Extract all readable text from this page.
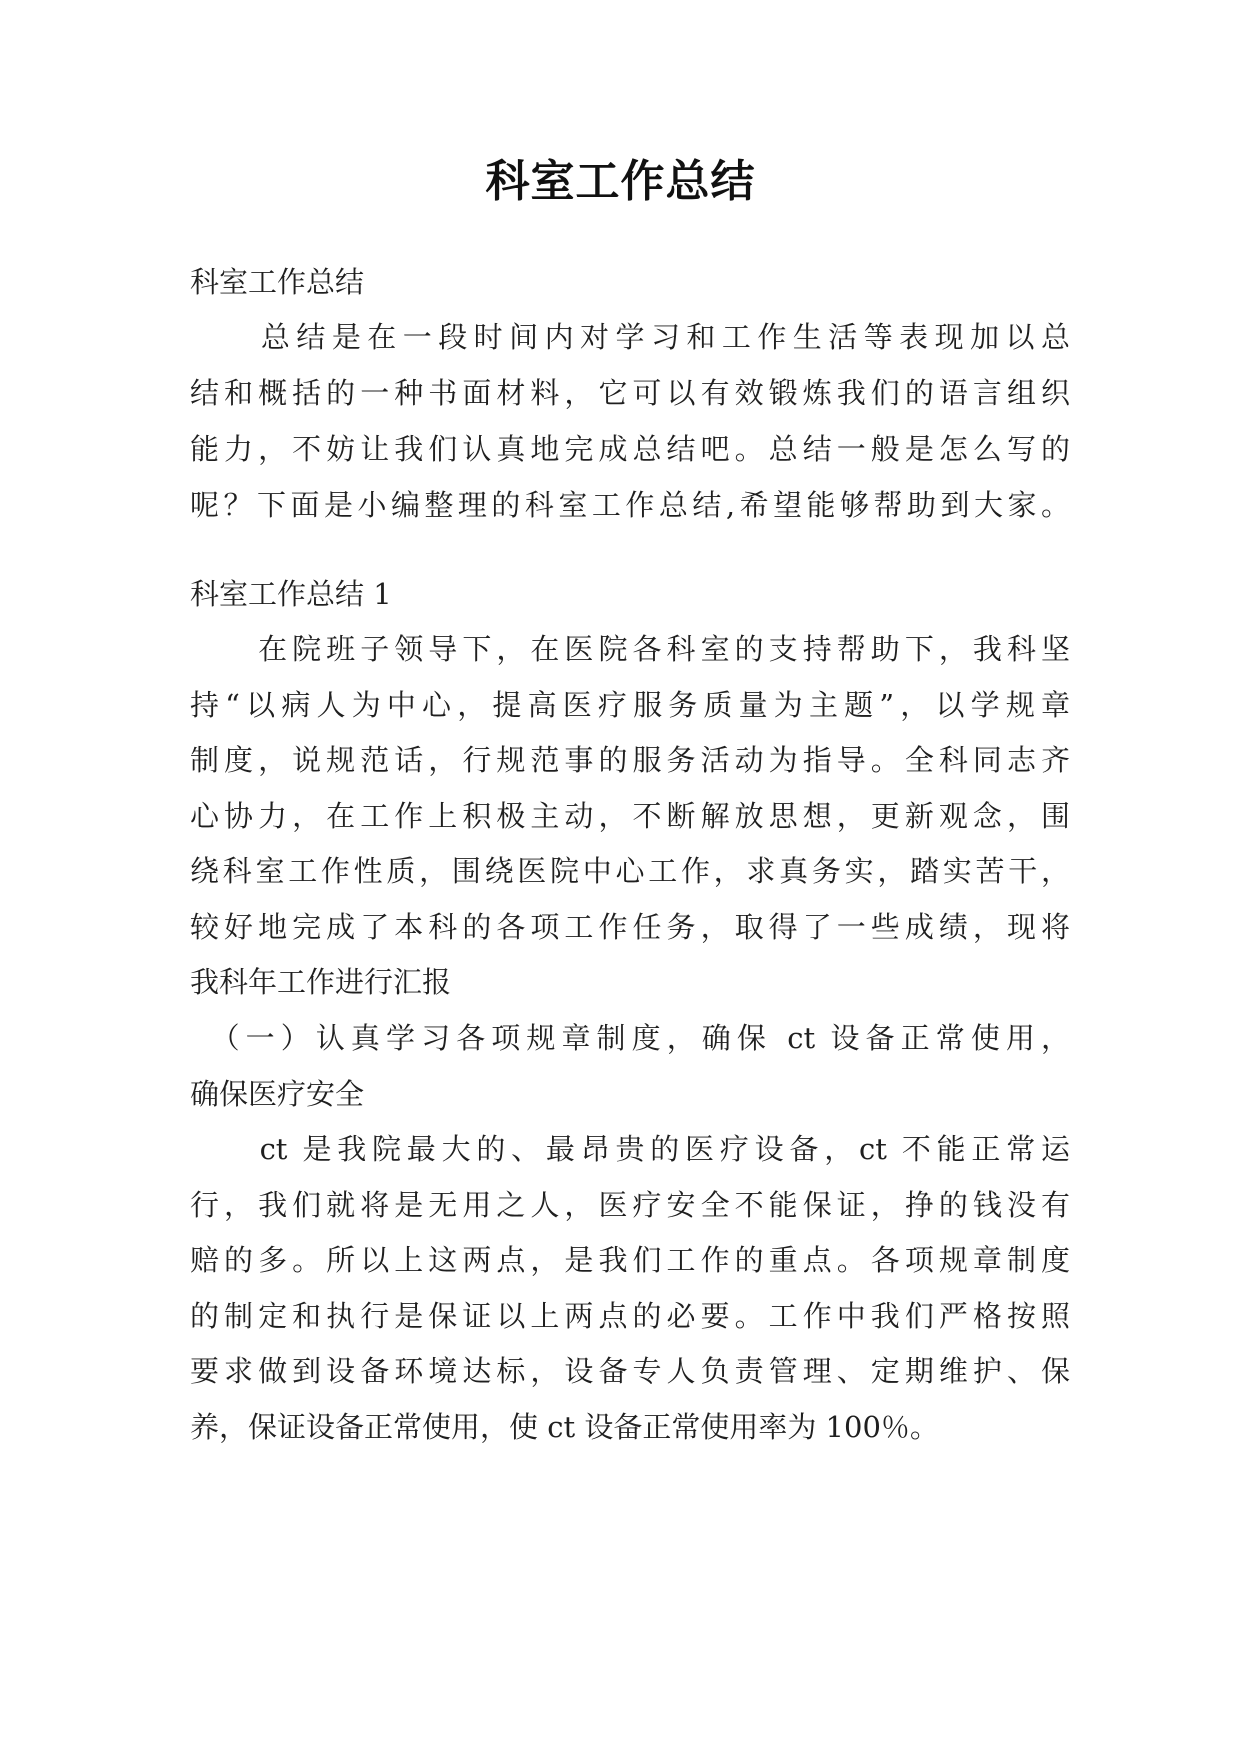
科室工作总结
科室工作总结
　　总结是在一段时间内对学习和工作生活等表现加以总
结和概括的一种书面材料，它可以有效锻炼我们的语言组织
能力，不妨让我们认真地完成总结吧。总结一般是怎么写的
呢？下面是小编整理的科室工作总结,希望能够帮助到大家。
科室工作总结 1
　　在院班子领导下，在医院各科室的支持帮助下，我科坚
持“以病人为中心，提高医疗服务质量为主题”，以学规章
制度，说规范话，行规范事的服务活动为指导。全科同志齐
心协力，在工作上积极主动，不断解放思想，更新观念，围
绕科室工作性质，围绕医院中心工作，求真务实，踏实苦干，
较好地完成了本科的各项工作任务，取得了一些成绩，现将
我科年工作进行汇报
　（一）认真学习各项规章制度，确保 ct 设备正常使用，
确保医疗安全
　　ct 是我院最大的、最昂贵的医疗设备，ct 不能正常运
行，我们就将是无用之人，医疗安全不能保证，挣的钱没有
赔的多。所以上这两点，是我们工作的重点。各项规章制度
的制定和执行是保证以上两点的必要。工作中我们严格按照
要求做到设备环境达标，设备专人负责管理、定期维护、保
养，保证设备正常使用，使 ct 设备正常使用率为 100％。
